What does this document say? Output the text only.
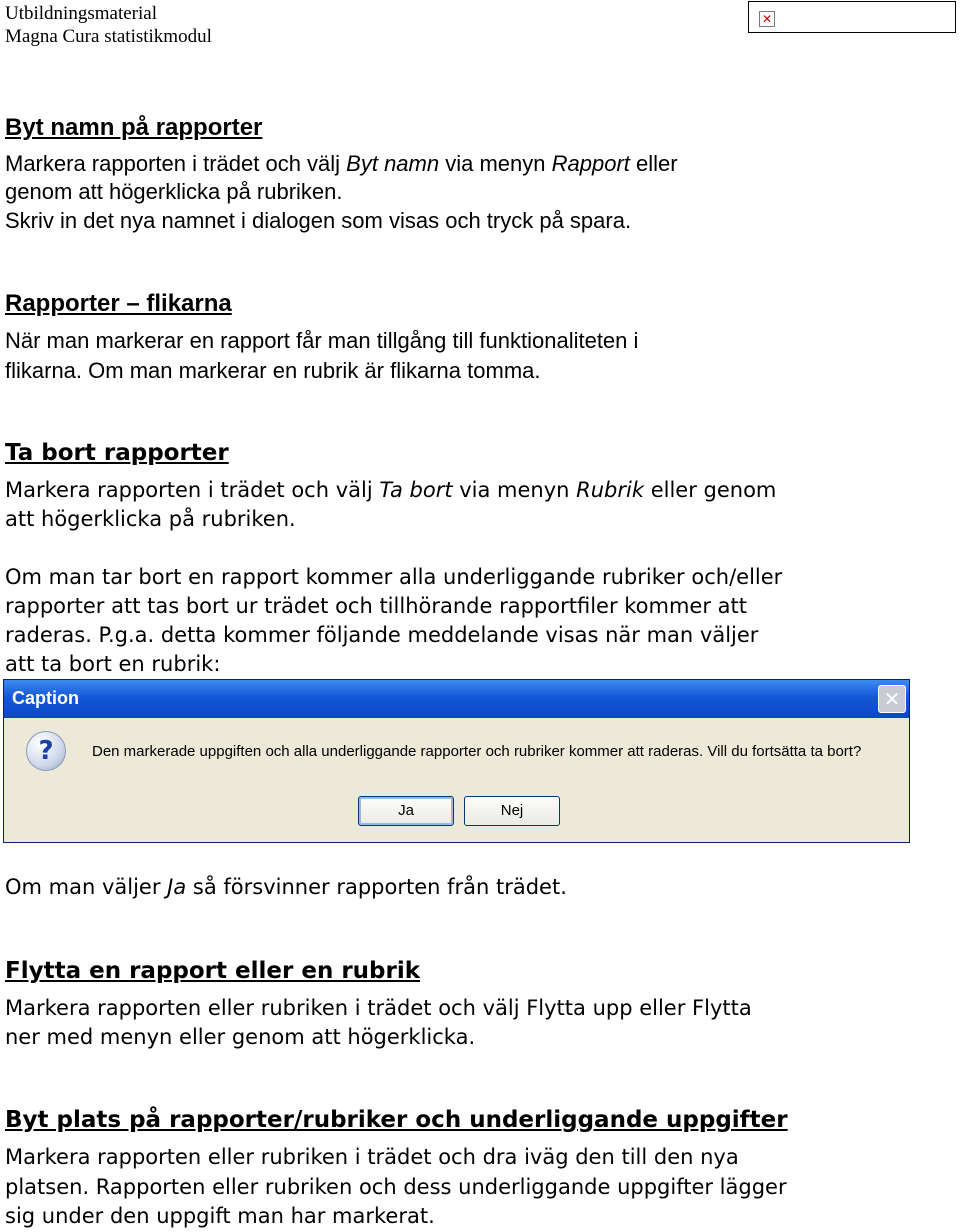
Utbildningsmaterial
Magna Cura statistikmodul
✕
Byt namn på rapporter
Markera rapporten i trädet och välj Byt namn via menyn Rapport eller
genom att högerklicka på rubriken.
Skriv in det nya namnet i dialogen som visas och tryck på spara.
Rapporter – flikarna
När man markerar en rapport får man tillgång till funktionaliteten i
flikarna. Om man markerar en rubrik är flikarna tomma.
Ta bort rapporter
Markera rapporten i trädet och välj Ta bort via menyn Rubrik eller genom
att högerklicka på rubriken.
Om man tar bort en rapport kommer alla underliggande rubriker och/eller
rapporter att tas bort ur trädet och tillhörande rapportfiler kommer att
raderas. P.g.a. detta kommer följande meddelande visas när man väljer
att ta bort en rubrik:
Caption	✕
?	Den markerade uppgiften och alla underliggande rapporter och rubriker kommer att raderas. Vill du fortsätta ta bort?
Ja	Nej
Om man väljer Ja så försvinner rapporten från trädet.
Flytta en rapport eller en rubrik
Markera rapporten eller rubriken i trädet och välj Flytta upp eller Flytta
ner med menyn eller genom att högerklicka.
Byt plats på rapporter/rubriker och underliggande uppgifter
Markera rapporten eller rubriken i trädet och dra iväg den till den nya
platsen. Rapporten eller rubriken och dess underliggande uppgifter lägger
sig under den uppgift man har markerat.
